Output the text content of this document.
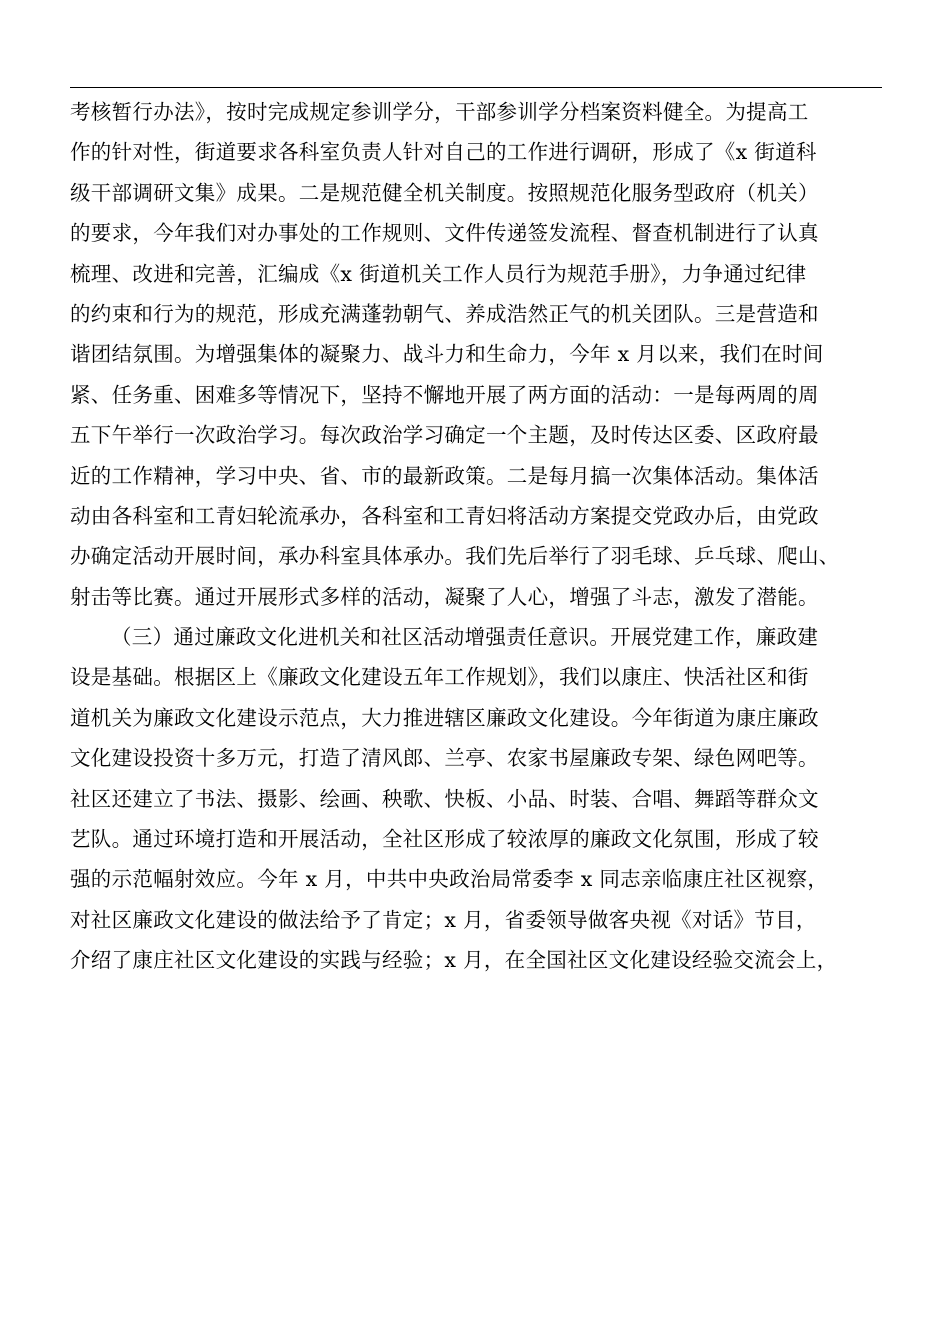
考核暂行办法》，按时完成规定参训学分，干部参训学分档案资料健全。为提高工
作的针对性，街道要求各科室负责人针对自己的工作进行调研，形成了《x 街道科
级干部调研文集》成果。二是规范健全机关制度。按照规范化服务型政府（机关）
的要求，今年我们对办事处的工作规则、文件传递签发流程、督查机制进行了认真
梳理、改进和完善，汇编成《x 街道机关工作人员行为规范手册》，力争通过纪律
的约束和行为的规范，形成充满蓬勃朝气、养成浩然正气的机关团队。三是营造和
谐团结氛围。为增强集体的凝聚力、战斗力和生命力，今年 x 月以来，我们在时间
紧、任务重、困难多等情况下，坚持不懈地开展了两方面的活动：一是每两周的周
五下午举行一次政治学习。每次政治学习确定一个主题，及时传达区委、区政府最
近的工作精神，学习中央、省、市的最新政策。二是每月搞一次集体活动。集体活
动由各科室和工青妇轮流承办，各科室和工青妇将活动方案提交党政办后，由党政
办确定活动开展时间，承办科室具体承办。我们先后举行了羽毛球、乒乓球、爬山、
射击等比赛。通过开展形式多样的活动，凝聚了人心，增强了斗志，激发了潜能。
（三）通过廉政文化进机关和社区活动增强责任意识。开展党建工作，廉政建
设是基础。根据区上《廉政文化建设五年工作规划》，我们以康庄、快活社区和街
道机关为廉政文化建设示范点，大力推进辖区廉政文化建设。今年街道为康庄廉政
文化建设投资十多万元，打造了清风郎、兰亭、农家书屋廉政专架、绿色网吧等。
社区还建立了书法、摄影、绘画、秧歌、快板、小品、时装、合唱、舞蹈等群众文
艺队。通过环境打造和开展活动，全社区形成了较浓厚的廉政文化氛围，形成了较
强的示范幅射效应。今年 x 月，中共中央政治局常委李 x 同志亲临康庄社区视察，
对社区廉政文化建设的做法给予了肯定；x 月，省委领导做客央视《对话》节目，
介绍了康庄社区文化建设的实践与经验；x 月，在全国社区文化建设经验交流会上，
